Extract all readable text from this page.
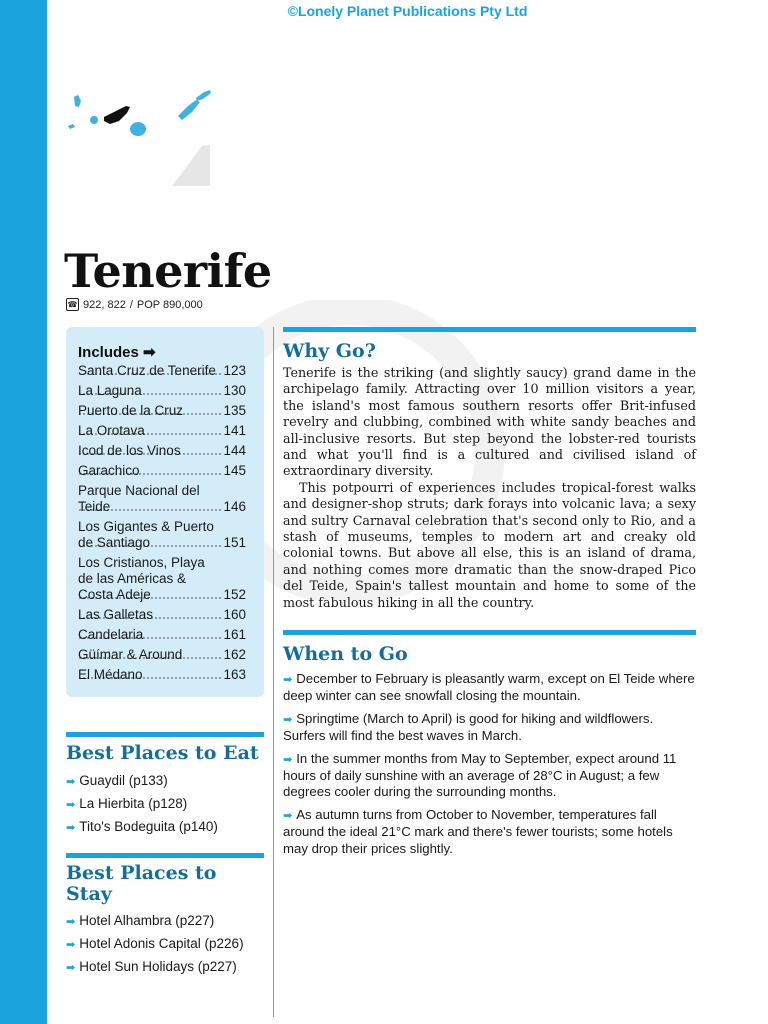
©Lonely Planet Publications Pty Ltd
Tenerife
☎ 922, 822 / POP 890,000
Includes ➡
Santa Cruz de Tenerife 123
La Laguna	130
Puerto de la Cruz	135
La Orotava	141
Icod de los Vinos	144
Garachico	145
Parque Nacional del Teide	146
Los Gigantes & Puerto de Santiago	151
Los Cristianos, Playa de las Américas & Costa Adeje	152
Las Galletas	160
Candelaria	161
Güímar & Around	162
El Médano	163
Best Places to Eat
➡ Guaydil (p133)
➡ La Hierbita (p128)
➡ Tito's Bodeguita (p140)
Best Places to Stay
➡ Hotel Alhambra (p227)
➡ Hotel Adonis Capital (p226)
➡ Hotel Sun Holidays (p227)
Why Go?

Tenerife is the striking (and slightly saucy) grand dame in the archipelago family. Attracting over 10 million visitors a year, the island's most famous southern resorts offer Brit-infused revelry and clubbing, combined with white sandy beaches and all-inclusive resorts. But step beyond the lobster-red tourists and what you'll find is a cultured and civilised island of extraordinary diversity.

This potpourri of experiences includes tropical-forest walks and designer-shop struts; dark forays into volcanic lava; a sexy and sultry Carnaval celebration that's second only to Rio, and a stash of museums, temples to modern art and creaky old colonial towns. But above all else, this is an island of drama, and nothing comes more dramatic than the snow-draped Pico del Teide, Spain's tallest mountain and home to some of the most fabulous hiking in all the country.

When to Go
➡ December to February is pleasantly warm, except on El Teide where deep winter can see snowfall closing the mountain.
➡ Springtime (March to April) is good for hiking and wildflowers. Surfers will find the best waves in March.
➡ In the summer months from May to September, expect around 11 hours of daily sunshine with an average of 28°C in August; a few degrees cooler during the surrounding months.
➡ As autumn turns from October to November, temperatures fall around the ideal 21°C mark and there's fewer tourists; some hotels may drop their prices slightly.
